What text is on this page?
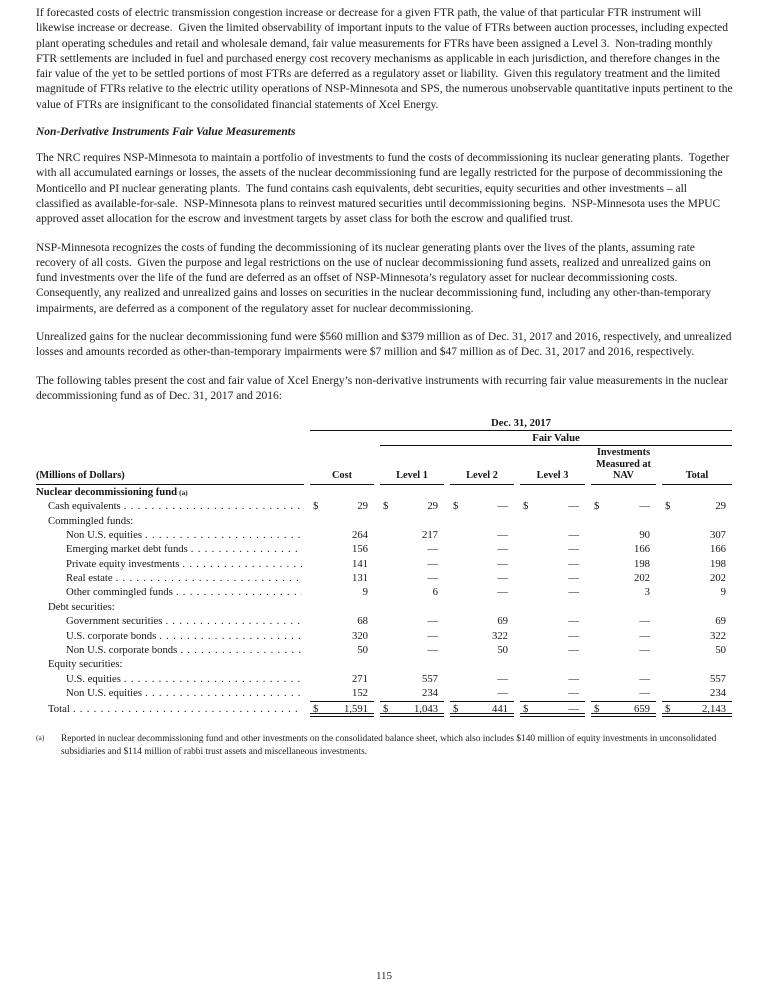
If forecasted costs of electric transmission congestion increase or decrease for a given FTR path, the value of that particular FTR instrument will likewise increase or decrease.  Given the limited observability of important inputs to the value of FTRs between auction processes, including expected plant operating schedules and retail and wholesale demand, fair value measurements for FTRs have been assigned a Level 3.  Non-trading monthly FTR settlements are included in fuel and purchased energy cost recovery mechanisms as applicable in each jurisdiction, and therefore changes in the fair value of the yet to be settled portions of most FTRs are deferred as a regulatory asset or liability.  Given this regulatory treatment and the limited magnitude of FTRs relative to the electric utility operations of NSP-Minnesota and SPS, the numerous unobservable quantitative inputs pertinent to the value of FTRs are insignificant to the consolidated financial statements of Xcel Energy.

Non-Derivative Instruments Fair Value Measurements

The NRC requires NSP-Minnesota to maintain a portfolio of investments to fund the costs of decommissioning its nuclear generating plants.  Together with all accumulated earnings or losses, the assets of the nuclear decommissioning fund are legally restricted for the purpose of decommissioning the Monticello and PI nuclear generating plants.  The fund contains cash equivalents, debt securities, equity securities and other investments – all classified as available-for-sale.  NSP-Minnesota plans to reinvest matured securities until decommissioning begins.  NSP-Minnesota uses the MPUC approved asset allocation for the escrow and investment targets by asset class for both the escrow and qualified trust.

NSP-Minnesota recognizes the costs of funding the decommissioning of its nuclear generating plants over the lives of the plants, assuming rate recovery of all costs.  Given the purpose and legal restrictions on the use of nuclear decommissioning fund assets, realized and unrealized gains on fund investments over the life of the fund are deferred as an offset of NSP-Minnesota’s regulatory asset for nuclear decommissioning costs.  Consequently, any realized and unrealized gains and losses on securities in the nuclear decommissioning fund, including any other-than-temporary impairments, are deferred as a component of the regulatory asset for nuclear decommissioning.

Unrealized gains for the nuclear decommissioning fund were $560 million and $379 million as of Dec. 31, 2017 and 2016, respectively, and unrealized losses and amounts recorded as other-than-temporary impairments were $7 million and $47 million as of Dec. 31, 2017 and 2016, respectively.

The following tables present the cost and fair value of Xcel Energy’s non-derivative instruments with recurring fair value measurements in the nuclear decommissioning fund as of Dec. 31, 2017 and 2016:

Dec. 31, 2017
Fair Value
(Millions of Dollars)	Cost	Level 1	Level 2	Level 3
Investments Measured at NAV	Total
Nuclear decommissioning fund (a)
Cash equivalents . . .	$	29 $	29 $	— $	— $	— $	29
Commingled funds:
Non U.S. equities . . .	264	217	—	—	90	307
Emerging market debt funds . . .	156	—	—	—	166	166
Private equity investments . . .	141	—	—	—	198	198
Real estate . . .	131	—	—	—	202	202
Other commingled funds . . .	9	6	—	—	3	9
Debt securities:
Government securities . . .	68	—	69	—	—	69
U.S. corporate bonds . . .	320	—	322	—	—	322
Non U.S. corporate bonds . . .	50	—	50	—	—	50
Equity securities:
U.S. equities . . .	271	557	—	—	—	557
Non U.S. equities . . .	152	234	—	—	—	234
Total . . .	$ 1,591 $ 1,043 $	441 $	— $	659 $	2,143
(a)	Reported in nuclear decommissioning fund and other investments on the consolidated balance sheet, which also includes $140 million of equity investments in unconsolidated subsidiaries and $114 million of rabbi trust assets and miscellaneous investments.
115
